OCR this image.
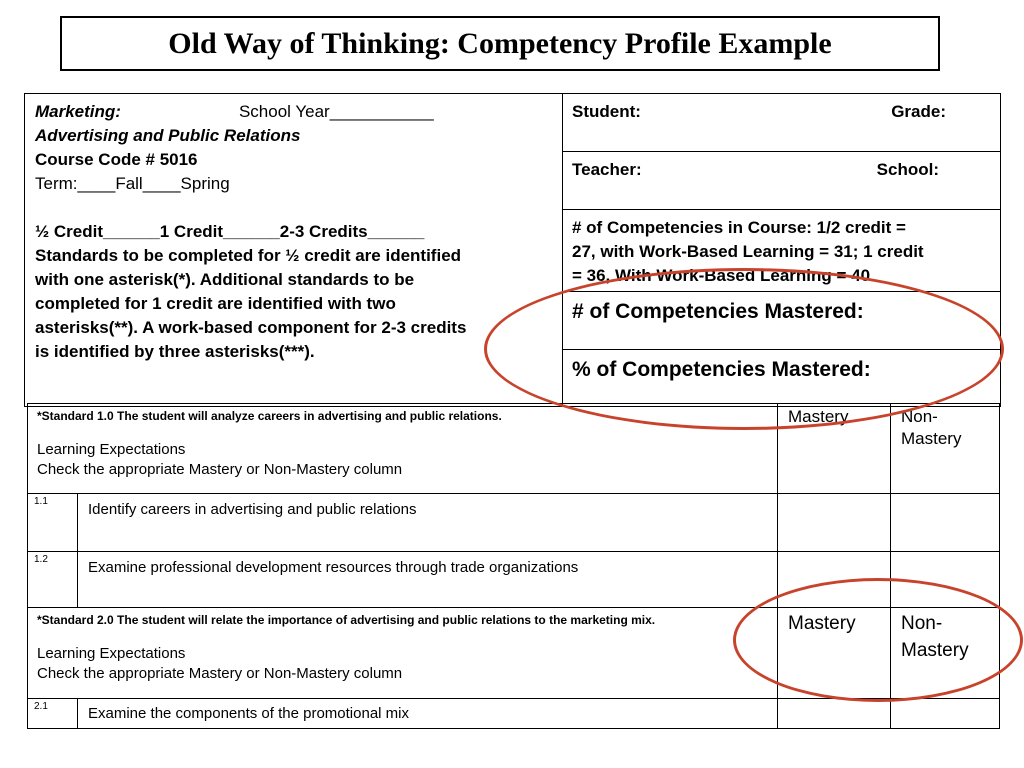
Old Way of Thinking: Competency Profile Example
Marketing:	School Year___________
Advertising and Public Relations
Course Code # 5016
Term:____Fall____Spring
½ Credit______1 Credit______2-3 Credits______
Standards to be completed for ½ credit are identified
with one asterisk(*). Additional standards to be
completed for 1 credit are identified with two
asterisks(**). A work-based component for 2-3 credits
is identified by three asterisks(***).
Student:	Grade:
Teacher:	School:
# of Competencies in Course: 1/2 credit =
27, with Work-Based Learning = 31; 1 credit
= 36, With Work-Based Learning = 40
# of Competencies Mastered:
% of Competencies Mastered:
*Standard 1.0 The student will analyze careers in advertising and public relations.
Learning Expectations
Check the appropriate Mastery or Non-Mastery column
Mastery	Non-Mastery
1.1	Identify careers in advertising and public relations
1.2	Examine professional development resources through trade organizations
*Standard 2.0 The student will relate the importance of advertising and public relations to the marketing mix.
Learning Expectations
Check the appropriate Mastery or Non-Mastery column
Mastery	Non-Mastery
2.1	Examine the components of the promotional mix
